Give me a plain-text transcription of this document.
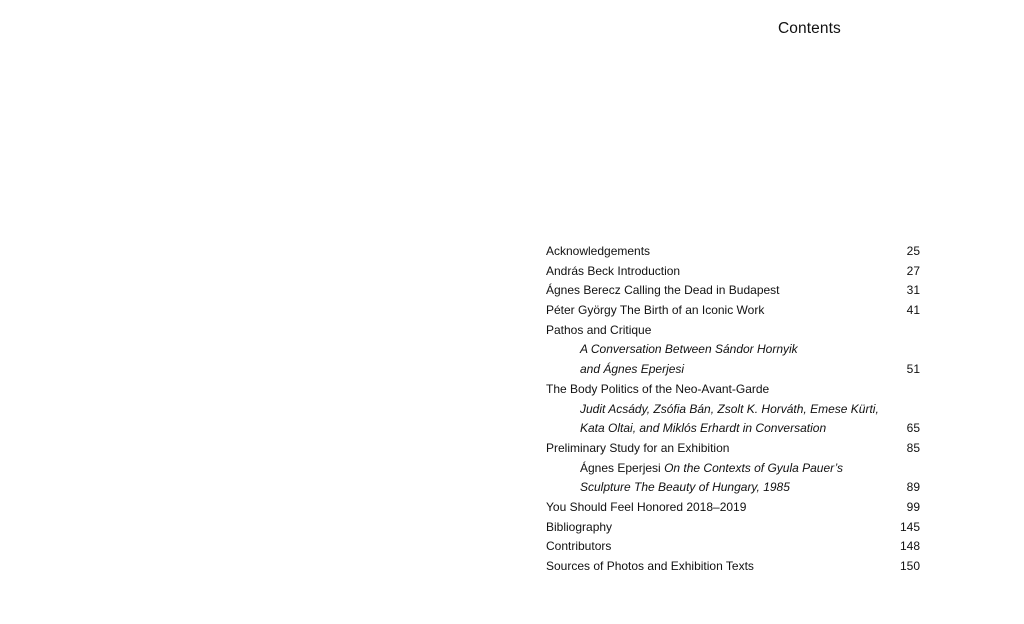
Contents
Acknowledgements	25
András Beck Introduction	27
Ágnes Berecz Calling the Dead in Budapest	31
Péter György The Birth of an Iconic Work	41
Pathos and Critique
A Conversation Between Sándor Hornyik
and Ágnes Eperjesi	51
The Body Politics of the Neo-Avant-Garde
Judit Acsády, Zsófia Bán, Zsolt K. Horváth, Emese Kürti,
Kata Oltai, and Miklós Erhardt in Conversation	65
Preliminary Study for an Exhibition	85
Ágnes Eperjesi On the Contexts of Gyula Pauer’s
Sculpture The Beauty of Hungary, 1985	89
You Should Feel Honored 2018–2019	99
Bibliography	145
Contributors	148
Sources of Photos and Exhibition Texts	150
